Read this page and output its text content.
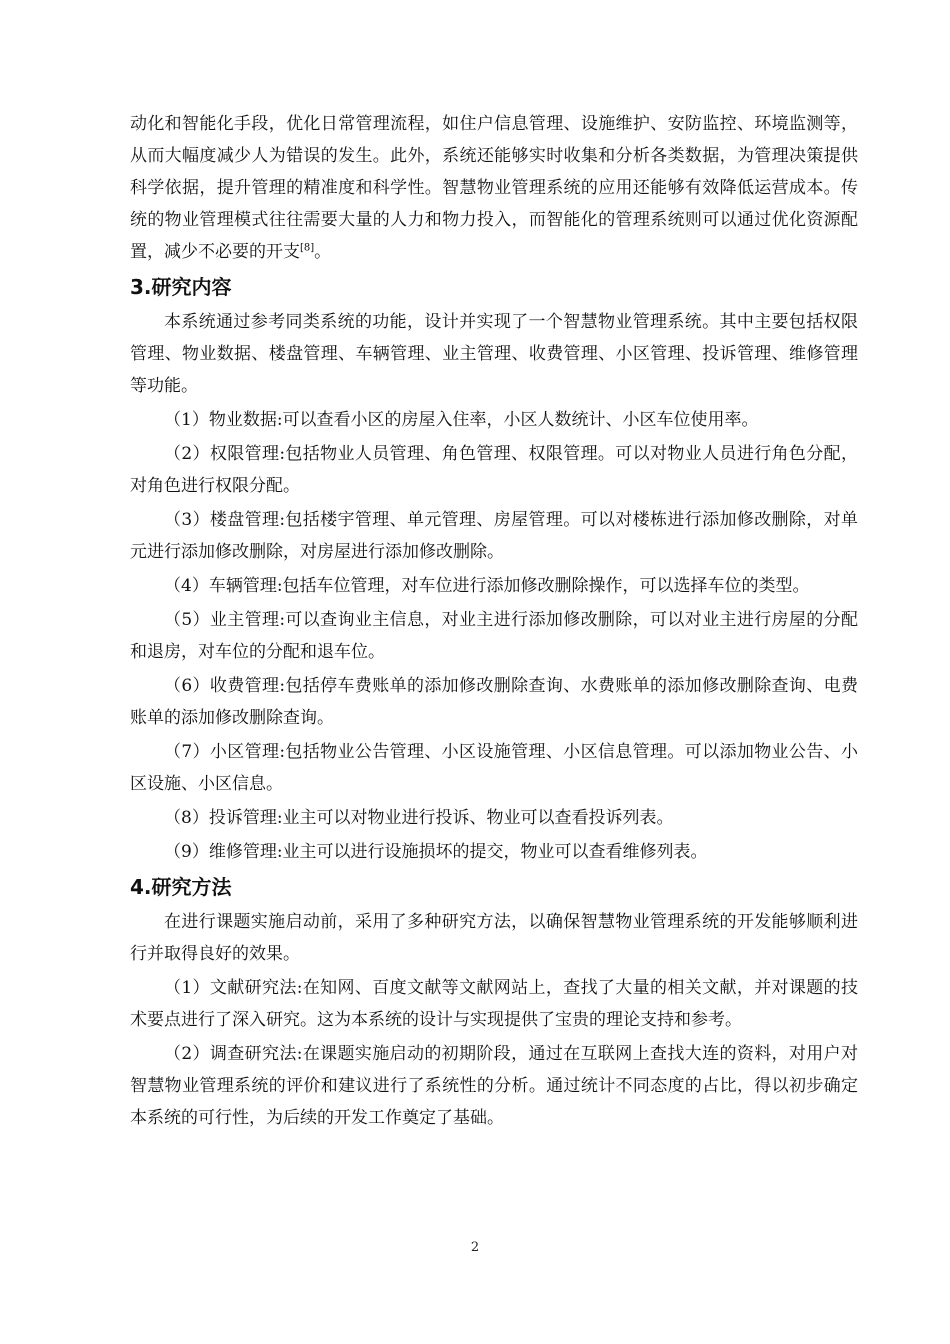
动化和智能化手段，优化日常管理流程，如住户信息管理、设施维护、安防监控、环境监测等，从而大幅度减少人为错误的发生。此外，系统还能够实时收集和分析各类数据，为管理决策提供科学依据，提升管理的精准度和科学性。智慧物业管理系统的应用还能够有效降低运营成本。传统的物业管理模式往往需要大量的人力和物力投入，而智能化的管理系统则可以通过优化资源配置，减少不必要的开支[8]。

3.研究内容

本系统通过参考同类系统的功能，设计并实现了一个智慧物业管理系统。其中主要包括权限管理、物业数据、楼盘管理、车辆管理、业主管理、收费管理、小区管理、投诉管理、维修管理等功能。

（1）物业数据:可以查看小区的房屋入住率，小区人数统计、小区车位使用率。

（2）权限管理:包括物业人员管理、角色管理、权限管理。可以对物业人员进行角色分配，对角色进行权限分配。

（3）楼盘管理:包括楼宇管理、单元管理、房屋管理。可以对楼栋进行添加修改删除，对单元进行添加修改删除，对房屋进行添加修改删除。

（4）车辆管理:包括车位管理，对车位进行添加修改删除操作，可以选择车位的类型。

（5）业主管理:可以查询业主信息，对业主进行添加修改删除，可以对业主进行房屋的分配和退房，对车位的分配和退车位。

（6）收费管理:包括停车费账单的添加修改删除查询、水费账单的添加修改删除查询、电费账单的添加修改删除查询。

（7）小区管理:包括物业公告管理、小区设施管理、小区信息管理。可以添加物业公告、小区设施、小区信息。

（8）投诉管理:业主可以对物业进行投诉、物业可以查看投诉列表。

（9）维修管理:业主可以进行设施损坏的提交，物业可以查看维修列表。

4.研究方法

在进行课题实施启动前，采用了多种研究方法，以确保智慧物业管理系统的开发能够顺利进行并取得良好的效果。

（1）文献研究法:在知网、百度文献等文献网站上，查找了大量的相关文献，并对课题的技术要点进行了深入研究。这为本系统的设计与实现提供了宝贵的理论支持和参考。

（2）调查研究法:在课题实施启动的初期阶段，通过在互联网上查找大连的资料，对用户对智慧物业管理系统的评价和建议进行了系统性的分析。通过统计不同态度的占比，得以初步确定本系统的可行性，为后续的开发工作奠定了基础。

2
